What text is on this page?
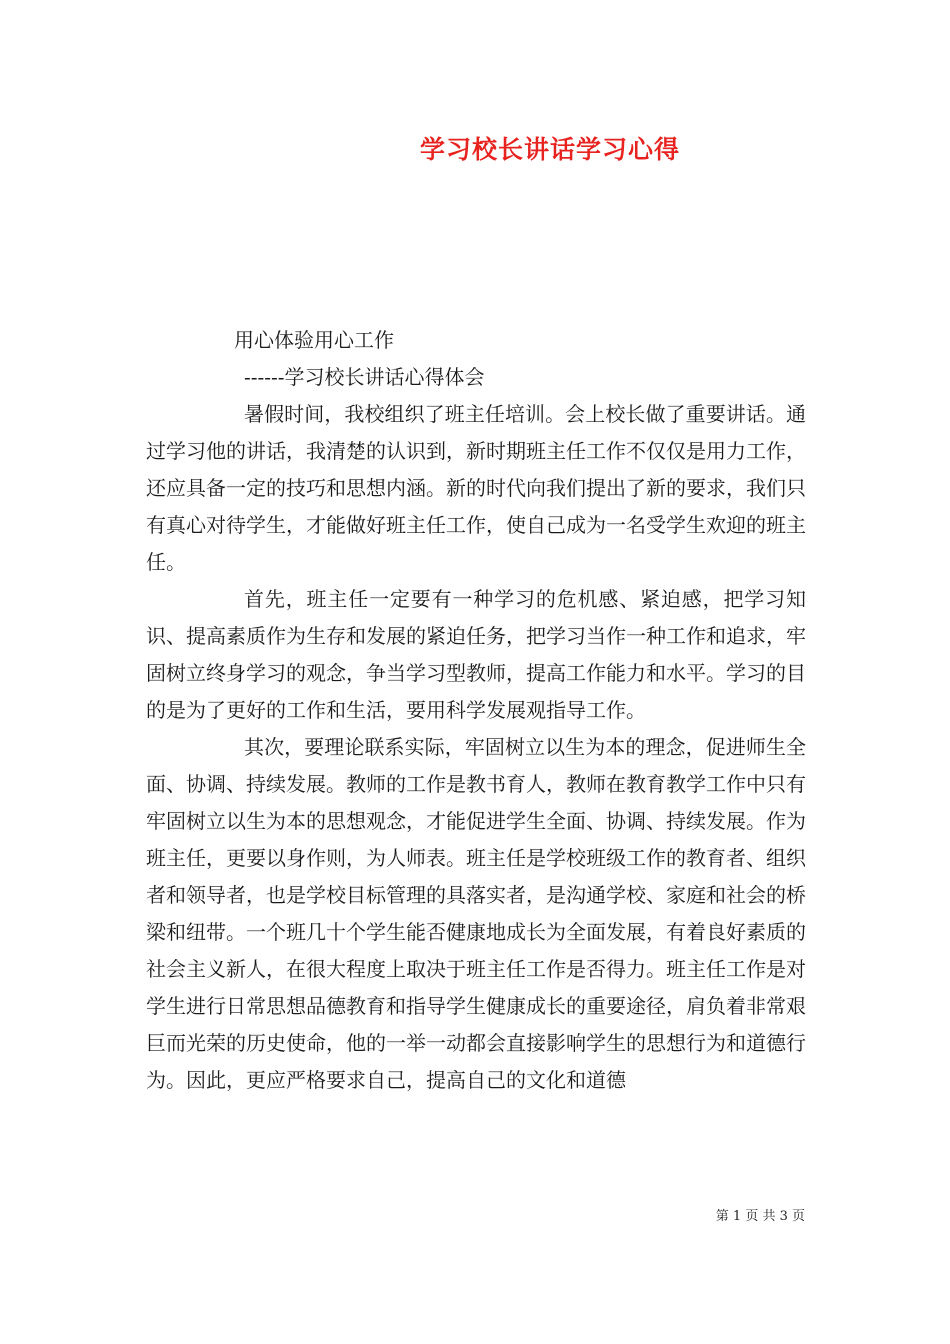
学习校长讲话学习心得

用心体验用心工作

------学习校长讲话心得体会

暑假时间，我校组织了班主任培训。会上校长做了重要讲话。通过学习他的讲话，我清楚的认识到，新时期班主任工作不仅仅是用力工作，还应具备一定的技巧和思想内涵。新的时代向我们提出了新的要求，我们只有真心对待学生，才能做好班主任工作，使自己成为一名受学生欢迎的班主任。

首先，班主任一定要有一种学习的危机感、紧迫感，把学习知识、提高素质作为生存和发展的紧迫任务，把学习当作一种工作和追求，牢固树立终身学习的观念，争当学习型教师，提高工作能力和水平。学习的目的是为了更好的工作和生活，要用科学发展观指导工作。

其次，要理论联系实际，牢固树立以生为本的理念，促进师生全面、协调、持续发展。教师的工作是教书育人，教师在教育教学工作中只有牢固树立以生为本的思想观念，才能促进学生全面、协调、持续发展。作为班主任，更要以身作则，为人师表。班主任是学校班级工作的教育者、组织者和领导者，也是学校目标管理的具落实者，是沟通学校、家庭和社会的桥梁和纽带。一个班几十个学生能否健康地成长为全面发展，有着良好素质的社会主义新人，在很大程度上取决于班主任工作是否得力。班主任工作是对学生进行日常思想品德教育和指导学生健康成长的重要途径，肩负着非常艰巨而光荣的历史使命，他的一举一动都会直接影响学生的思想行为和道德行为。因此，更应严格要求自己，提高自己的文化和道德

第 1 页 共 3 页
